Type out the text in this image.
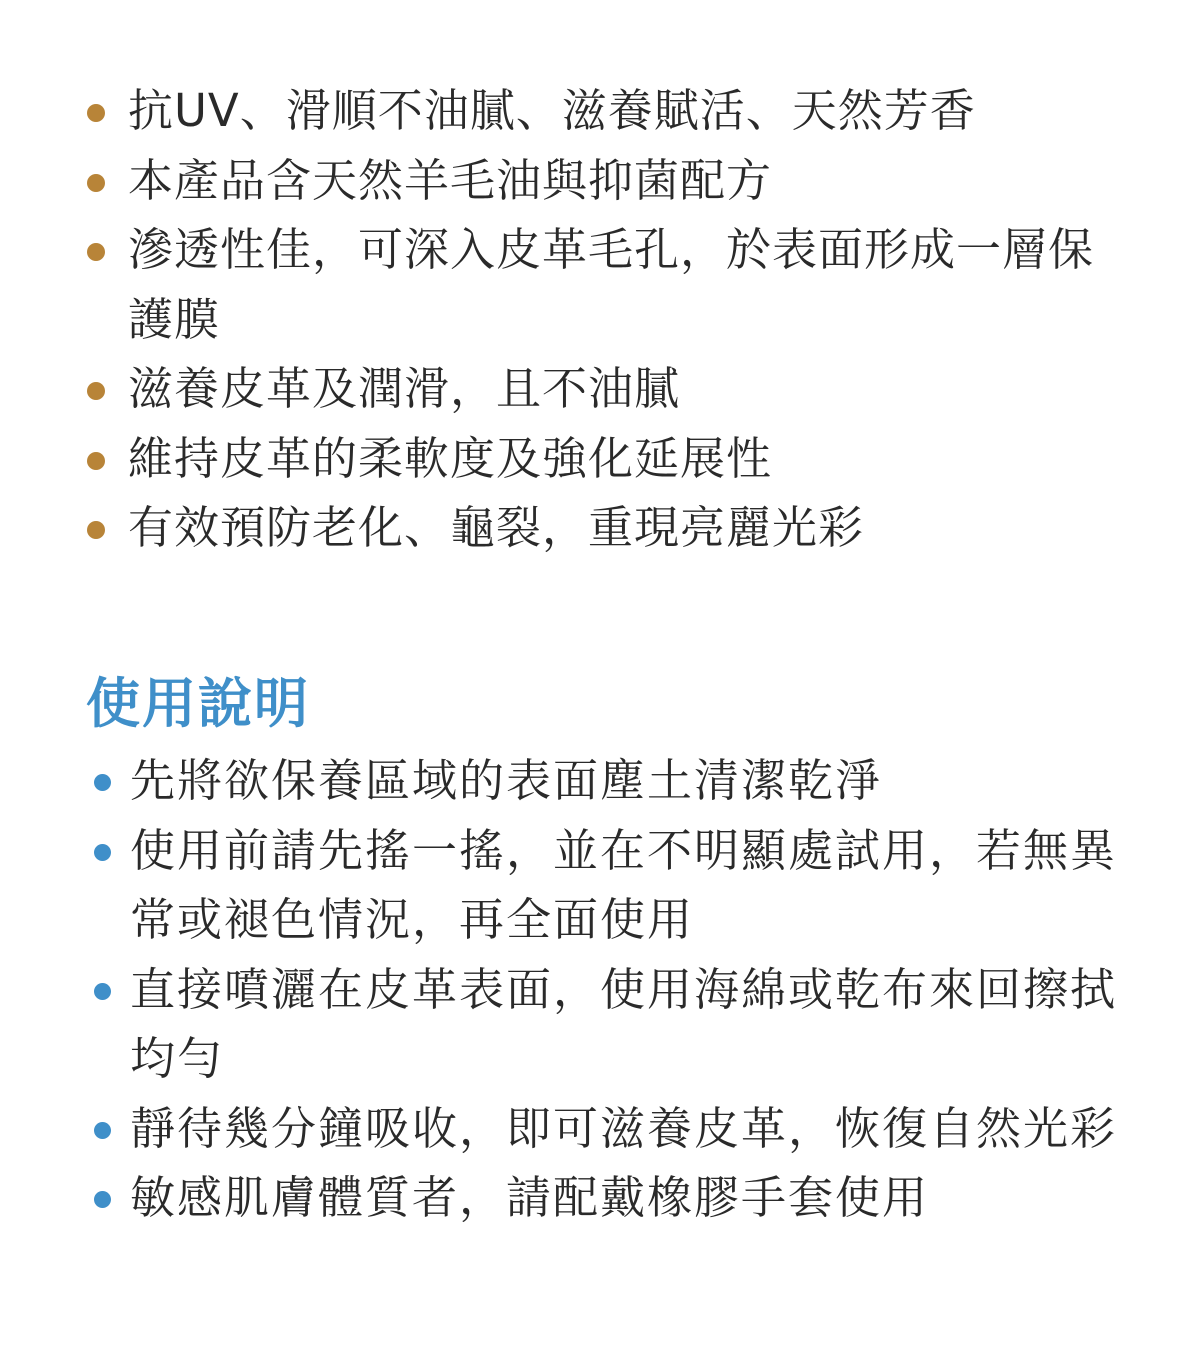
抗UV、滑順不油膩、滋養賦活、天然芳香
本產品含天然羊毛油與抑菌配方
滲透性佳，可深入皮革毛孔，於表面形成一層保護膜
滋養皮革及潤滑，且不油膩
維持皮革的柔軟度及強化延展性
有效預防老化、龜裂，重現亮麗光彩
使用說明
先將欲保養區域的表面塵土清潔乾淨
使用前請先搖一搖，並在不明顯處試用，若無異常或褪色情況，再全面使用
直接噴灑在皮革表面，使用海綿或乾布來回擦拭均勻
靜待幾分鐘吸收，即可滋養皮革，恢復自然光彩
敏感肌膚體質者，請配戴橡膠手套使用
